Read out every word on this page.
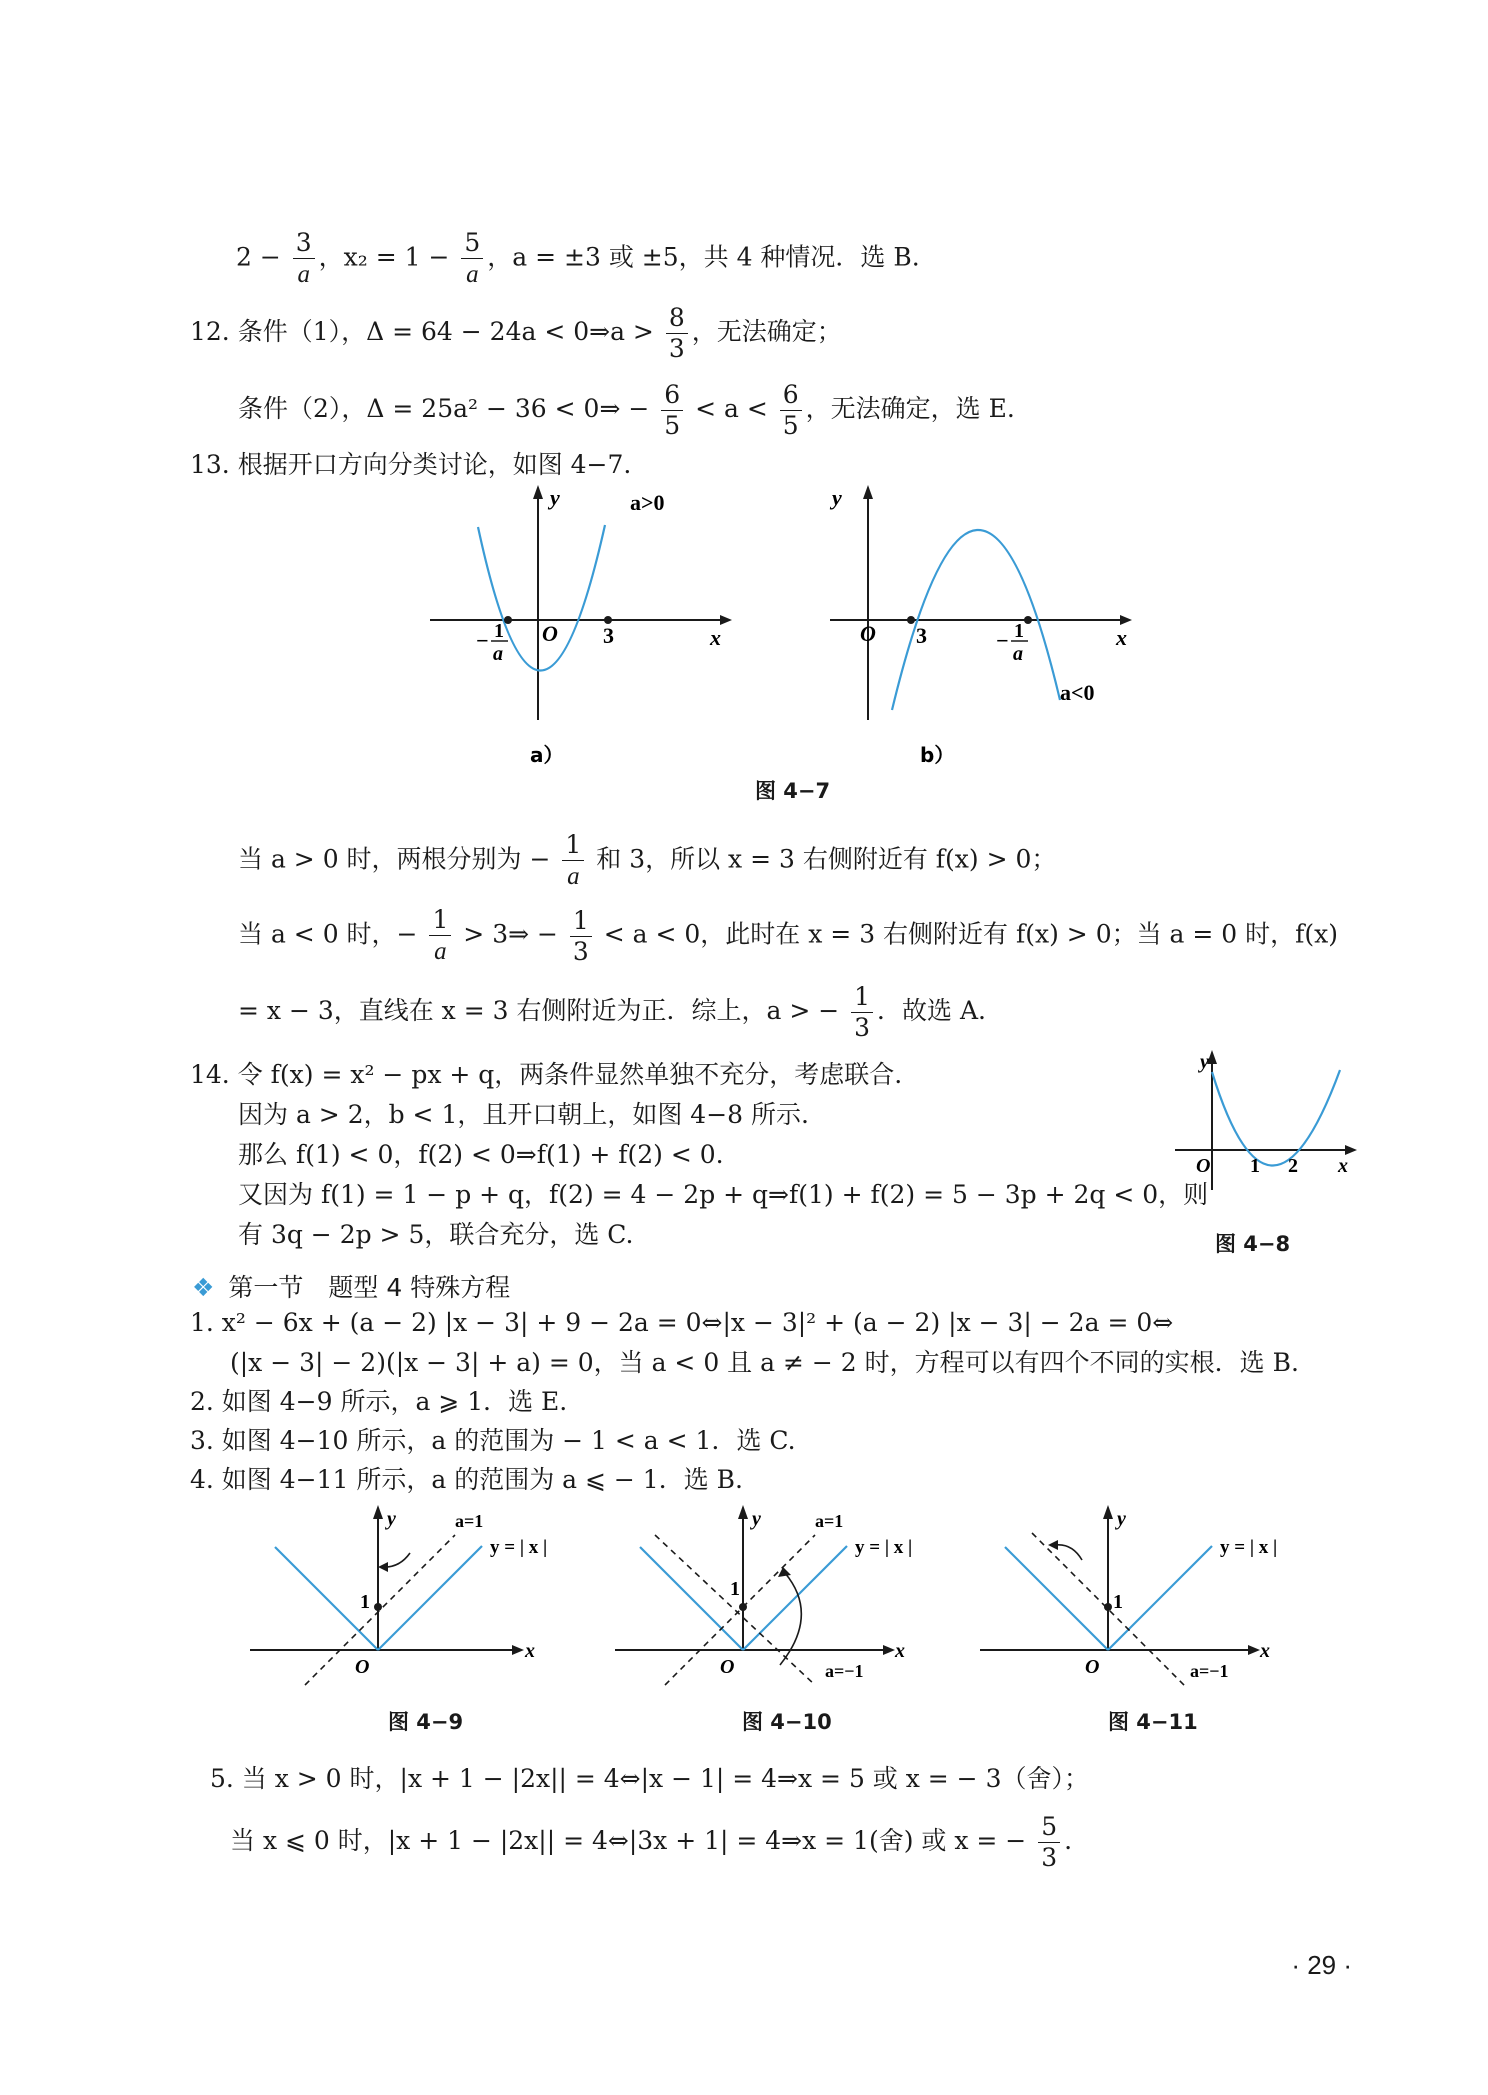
$2 - \frac{3}{a}$ ，$x_2 = 1 - \frac{5}{a}$ ，a = ±3 或 ±5，共 4 种情况．选 B.
12. 条件（1），Δ = 64 − 24a < 0⇒a > $\frac{8}{3}$ ，无法确定；
条件（2），Δ = 25a² − 36 < 0⇒ − $\frac{6}{5} < a < \frac{6}{5}$ ，无法确定，选 E.
13. 根据开口方向分类讨论，如图 4−7.
y
x
a>0
O 3
− 1
a
a）
y
x
a<0
O 3	− 1
a
b）
图 4−7
当 a > 0 时，两根分别为 − $\frac{1}{a}$ 和 3，所以 x = 3 右侧附近有 f(x) > 0；
当 a < 0 时，− $\frac{1}{a}$ > 3⇒ − $\frac{1}{3} < a < 0$，此时在 x = 3 右侧附近有 f(x) > 0；当 a = 0 时，f(x)
= x − 3，直线在 x = 3 右侧附近为正．综上，a > − $\frac{1}{3}$ ．故选 A.
14. 令 f(x) = x² − px + q，两条件显然单独不充分，考虑联合.
因为 a > 2，b < 1，且开口朝上，如图 4−8 所示.
那么 f(1) < 0，f(2) < 0⇒f(1) + f(2) < 0.
又因为 f(1) = 1 − p + q，f(2) = 4 − 2p + q⇒f(1) + f(2) = 5 − 3p + 2q < 0，则
有 3q − 2p > 5，联合充分，选 C.
y
x
O 1 2
图 4−8
❖ 第一节　题型 4 特殊方程
1. x² − 6x + (a − 2) |x − 3| + 9 − 2a = 0⇔|x − 3|² + (a − 2) |x − 3| − 2a = 0⇔
(|x − 3| − 2)(|x − 3| + a) = 0，当 a < 0 且 a ≠ − 2 时，方程可以有四个不同的实根．选 B.
2. 如图 4−9 所示，a ⩾ 1．选 E.
3. 如图 4−10 所示，a 的范围为 − 1 < a < 1．选 C.
4. 如图 4−11 所示，a 的范围为 a ⩽ − 1．选 B.
y
x
O
1
a=1
y = | x |
图 4−9
y
x
O
1
a=1
a=−1
y = | x |
图 4−10
y
x
O
1
a=−1
y = | x |
图 4−11
5. 当 x > 0 时，|x + 1 − |2x|| = 4⇔|x − 1| = 4⇒x = 5 或 x = − 3（舍）；
当 x ⩽ 0 时，|x + 1 − |2x|| = 4⇔|3x + 1| = 4⇒x = 1(舍) 或 x = − $\frac{5}{3}$ .
· 29 ·
